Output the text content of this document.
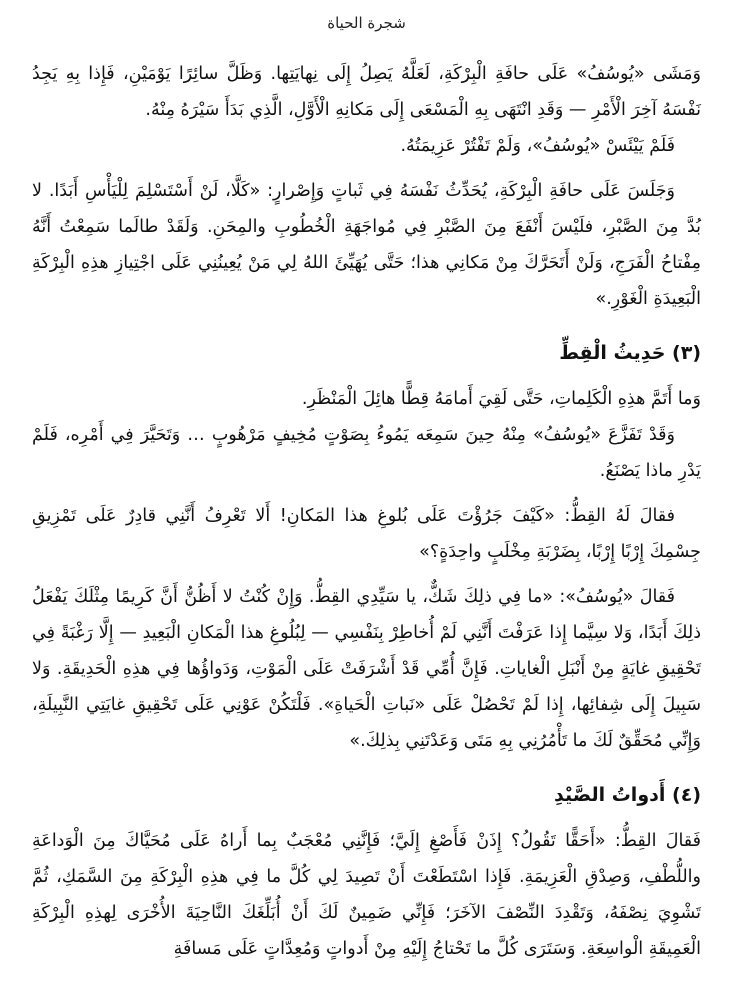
شجرة الحياة

وَمَشَى «يُوسُفُ» عَلَى حافَةِ الْبِرْكَةِ، لَعَلَّهُ يَصِلُ إِلَى نِهايَتِها. وَظَلَّ سائِرًا يَوْمَيْنِ، فَإِذا بِهِ يَجِدُ نَفْسَهُ آخِرَ الْأَمْرِ — وَقَدِ انْتَهَى بِهِ الْمَسْعَى إِلَى مَكانِهِ الْأَوَّلِ، الَّذِي بَدَأَ سَيْرَهُ مِنْهُ.

فَلَمْ يَيْئَسْ «يُوسُفُ»، وَلَمْ تَفْتُرْ عَزِيمَتُهُ.

وَجَلَسَ عَلَى حافَةِ الْبِرْكَةِ، يُحَدِّثُ نَفْسَهُ فِي ثَباتٍ وَإِصْرارٍ: «كَلَّا، لَنْ أَسْتَسْلِمَ لِلْيَأْسِ أَبَدًا. لا بُدَّ مِنَ الصَّبْرِ، فلَيْسَ أَنْفَعَ مِنَ الصَّبْرِ فِي مُواجَهَةِ الْخُطُوبِ والمِحَنِ. وَلَقَدْ طالَما سَمِعْتُ أَنَّهُ مِفْتاحُ الْفَرَجِ، وَلَنْ أَتَحَرَّكَ مِنْ مَكانِي هذا؛ حَتَّى يُهَيِّئَ اللهُ لِي مَنْ يُعِينُنِي عَلَى اجْتِيازِ هذِهِ الْبِرْكَةِ الْبَعِيدَةِ الْغَوْرِ.»

(٣) حَدِيثُ الْقِطِّ

وَما أَتَمَّ هذِهِ الْكَلِماتِ، حَتَّى لَقِيَ أَمامَهُ قِطًّا هائِلَ الْمَنْظَرِ.

وَقَدْ تَفَزَّعَ «يُوسُفُ» مِنْهُ حِينَ سَمِعَه يَمُوءُ بِصَوْتٍ مُخِيفٍ مَرْهُوبٍ … وَتَحَيَّرَ فِي أَمْرِه، فَلَمْ يَدْرِ ماذا يَصْنَعُ.

فقالَ لَهُ القِطُّ: «كَيْفَ جَرُؤْتَ عَلَى بُلوغِ هذا المَكانِ! أَلا تَعْرِفُ أَنَّنِي قادِرٌ عَلَى تَمْزِيقِ جِسْمِكَ إِرْبًا إِرْبًا، بِضَرْبَةِ مِخْلَبٍ واحِدَةٍ؟»

فَقالَ «يُوسُفُ»: «ما فِي ذلِكَ شَكٌّ، يا سَيِّدِي القِطُّ. وَإِنْ كُنْتُ لا أَظُنُّ أَنَّ كَرِيمًا مِثْلَكَ يَفْعَلُ ذلِكَ أَبَدًا، وَلا سِيَّما إِذا عَرَفْتَ أَنَّنِي لَمْ أُخاطِرْ بِنَفْسِي — لِبُلُوغِ هذا الْمَكانِ الْبَعِيدِ — إِلَّا رَغْبَةً فِي تَحْقِيقِ غايَةٍ مِنْ أَنْبَلِ الْغاياتِ. فَإِنَّ أُمِّي قَدْ أَشْرَفَتْ عَلَى الْمَوْتِ، وَدَواؤُها فِي هذِهِ الْحَدِيقَةِ. وَلا سَبِيلَ إِلَى شِفائِها، إِذا لَمْ تَحْصُلْ عَلَى «نَباتِ الْحَياةِ». فَلْتَكُنْ عَوْنِي عَلَى تَحْقِيقِ غايَتِي النَّبِيلَةِ، وَإِنِّي مُحَقِّقٌ لَكَ ما تَأْمُرُنِي بِهِ مَتَى وَعَدْتَنِي بِذلِكَ.»

(٤) أَدواتُ الصَّيْدِ

فَقالَ القِطُّ: «أَحَقًّا تَقُولُ؟ إِذَنْ فَأَصْغِ إِلَيَّ؛ فَإِنَّنِي مُعْجَبٌ بِما أَراهُ عَلَى مُحَيَّاكَ مِنَ الْوَداعَةِ واللُّطْفِ، وَصِدْقِ الْعَزِيمَةِ. فَإِذا اسْتَطَعْتَ أَنْ تَصِيدَ لِي كُلَّ ما فِي هذِهِ الْبِرْكَةِ مِنَ السَّمَكِ، ثُمَّ تَشْوِيَ نِصْفَهُ، وَتَقْدِدَ النِّصْفَ الآخَرَ؛ فَإِنِّي ضَمِينٌ لَكَ أَنْ أُبَلِّغَكَ النَّاحِيَةَ الأُخْرَى لِهذِهِ الْبِرْكَةِ الْعَمِيقَةِ الْواسِعَةِ. وَسَتَرَى كُلَّ ما تَحْتاجُ إِلَيْهِ مِنْ أَدواتٍ وَمُعِدَّاتٍ عَلَى مَسافَةِ
